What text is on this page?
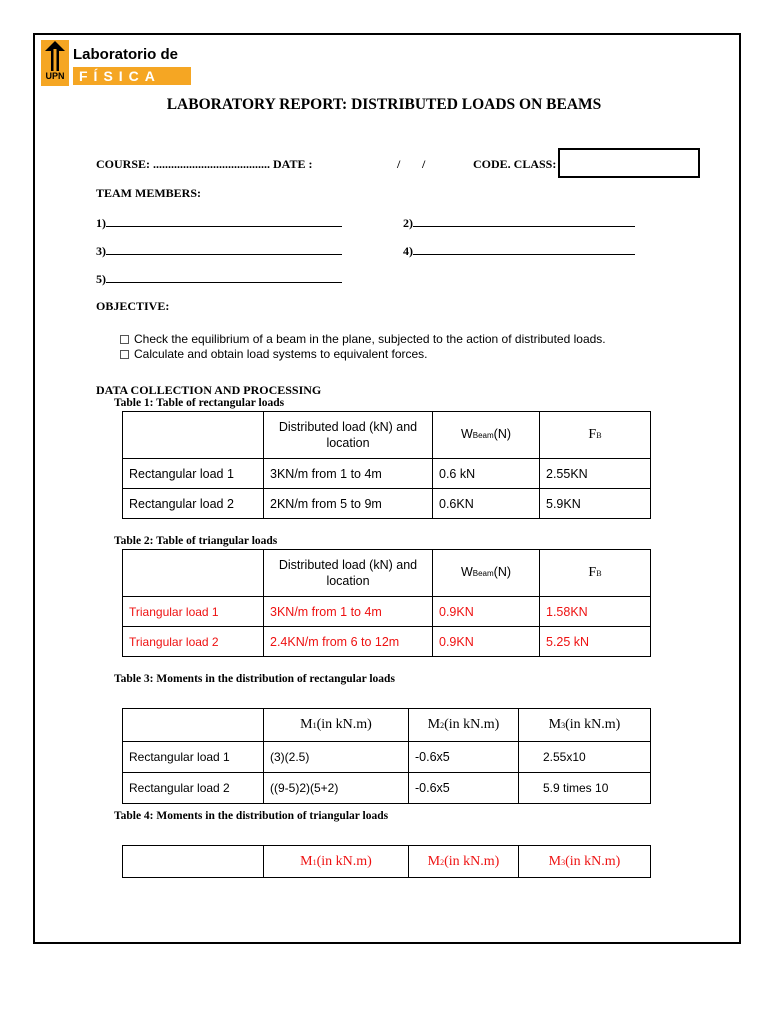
UPN
Laboratorio de
FÍSICA
LABORATORY REPORT: DISTRIBUTED LOADS ON BEAMS
COURSE: ....................................... DATE :	/ /	CODE. CLASS:
TEAM MEMBERS:
1)	2)
3)	4)
5)
OBJECTIVE:
Check the equilibrium of a beam in the plane, subjected to the action of distributed loads.
Calculate and obtain load systems to equivalent forces.
DATA COLLECTION AND PROCESSING
Table 1: Table of rectangular loads
	Distributed load (kN) and location	WBeam(N)	FB
Rectangular load 1	3KN/m from 1 to 4m	0.6 kN	2.55KN
Rectangular load 2	2KN/m from 5 to 9m	0.6KN	5.9KN
Table 2: Table of triangular loads
	Distributed load (kN) and location	WBeam(N)	FB
Triangular load 1	3KN/m from 1 to 4m	0.9KN	1.58KN
Triangular load 2	2.4KN/m from 6 to 12m	0.9KN	5.25 kN
Table 3: Moments in the distribution of rectangular loads
	M1(in kN.m)	M2(in kN.m)	M3(in kN.m)
Rectangular load 1	(3)(2.5)	-0.6x5	2.55x10
Rectangular load 2	((9-5)2)(5+2)	-0.6x5	5.9 times 10
Table 4: Moments in the distribution of triangular loads
	M1(in kN.m)	M2(in kN.m)	M3(in kN.m)
